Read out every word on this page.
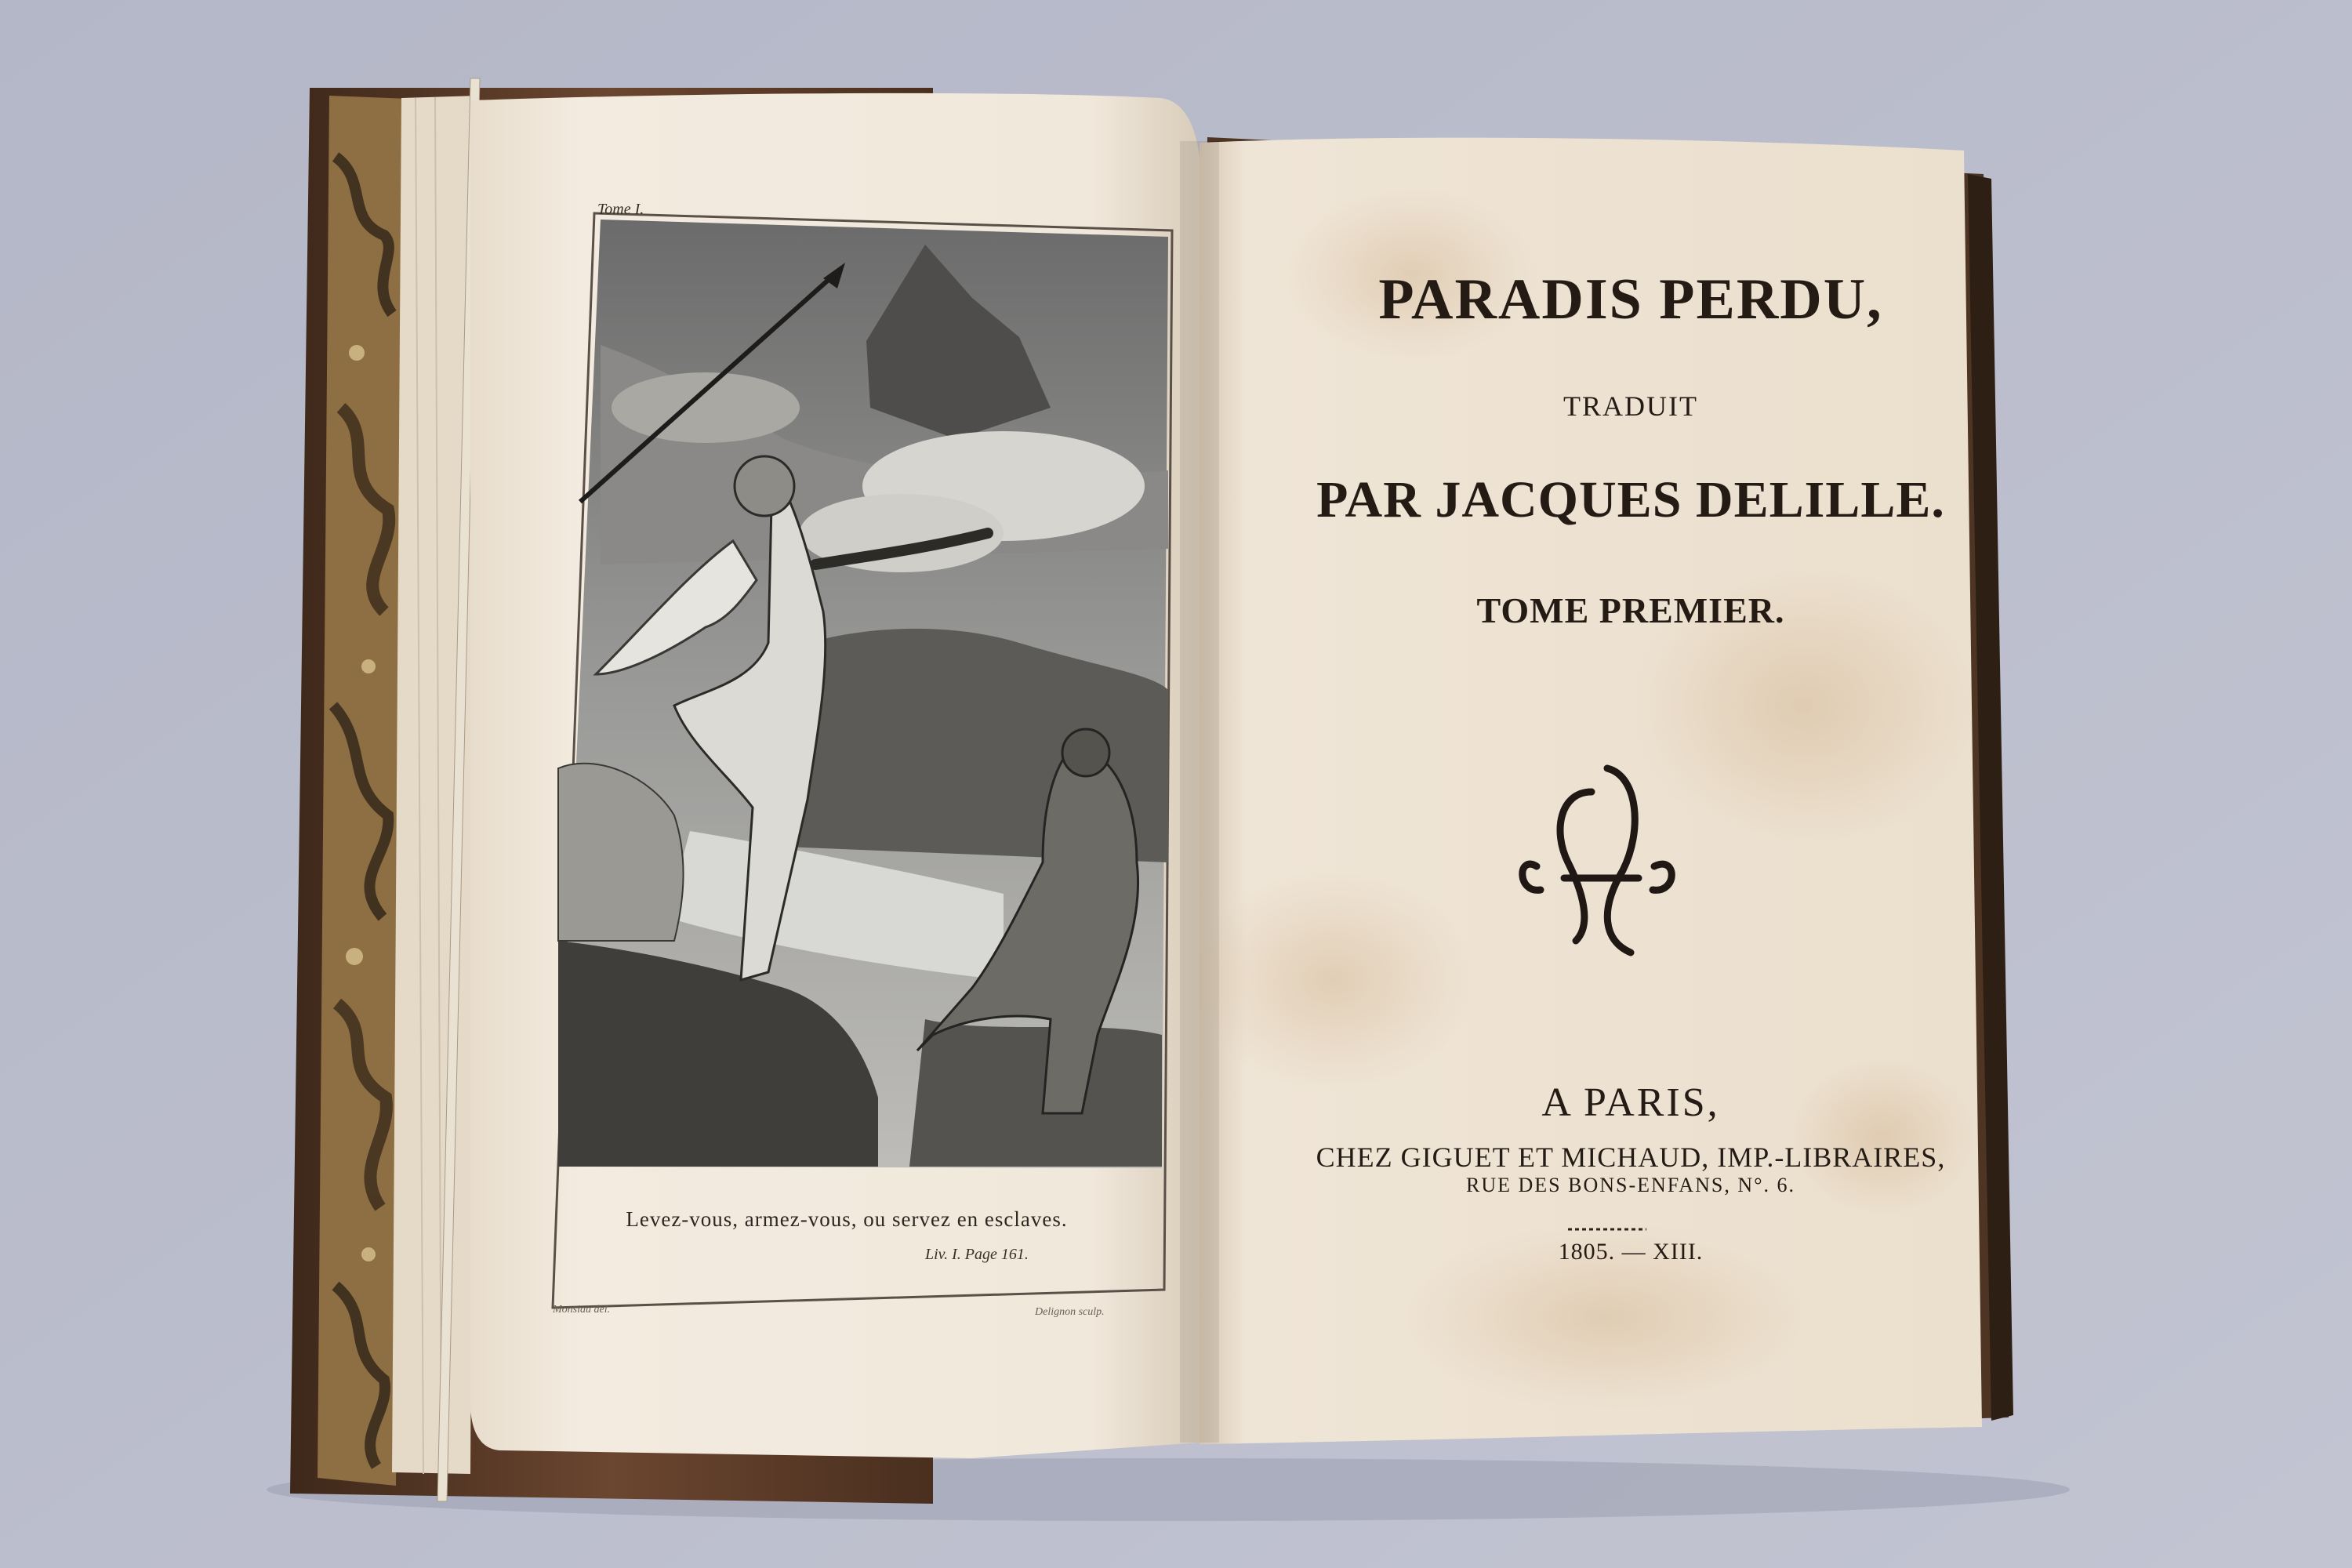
Tome I.
Levez-vous, armez-vous, ou servez en esclaves.
Liv. I. Page 161.
Monsiau del.	Delignon sculp.
PARADIS PERDU,
TRADUIT
PAR JACQUES DELILLE.
TOME PREMIER.
A PARIS,
CHEZ GIGUET ET MICHAUD, IMP.-LIBRAIRES,
RUE DES BONS-ENFANS, N°. 6.
1805. — XIII.
